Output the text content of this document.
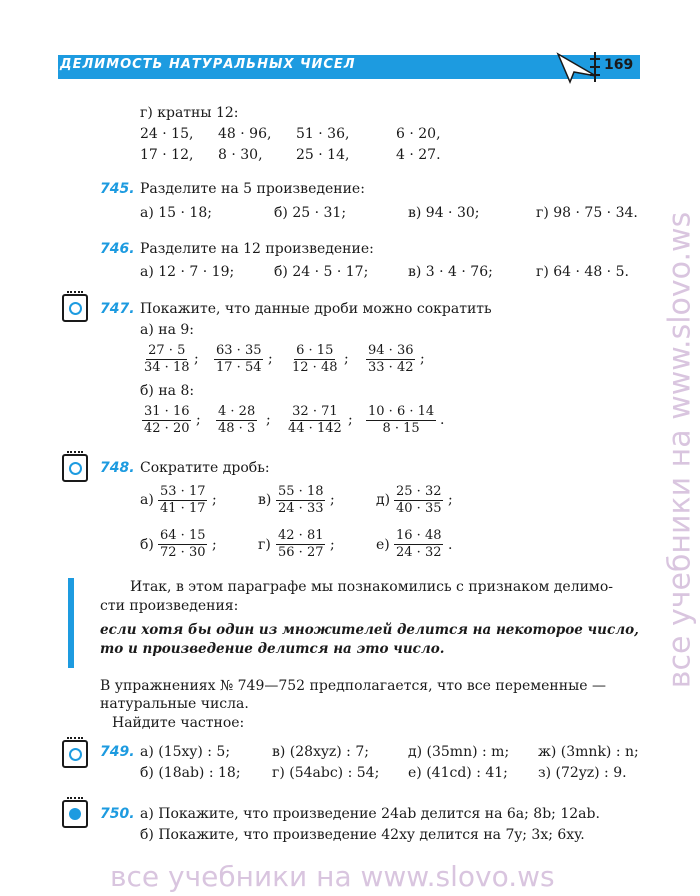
ДЕЛИМОСТЬ НАТУРАЛЬНЫХ ЧИСЕЛ	169
г) кратны 12:
24 · 15, 48 · 96, 51 · 36,	6 · 20,
17 · 12, 8 · 30, 25 · 14,	4 · 27.
745. Разделите на 5 произведение:
а) 15 · 18;	б) 25 · 31;	в) 94 · 30;	г) 98 · 75 · 34.
746. Разделите на 12 произведение:
а) 12 · 7 · 19;	б) 24 · 5 · 17;	в) 3 · 4 · 76;	г) 64 · 48 · 5.
747. Покажите, что данные дроби можно сократить
а) на 9:
$\frac{27 \cdot 5}{34 \cdot 18}$ ; $\frac{63 \cdot 35}{17 \cdot 54}$ ; $\frac{6 \cdot 15}{12 \cdot 48}$ ; $\frac{94 \cdot 36}{33 \cdot 42}$ ;
б) на 8:
$\frac{31 \cdot 16}{42 \cdot 20}$ ; $\frac{4 \cdot 28}{48 \cdot 3}$ ; $\frac{32 \cdot 71}{44 \cdot 142}$ ; $\frac{10 \cdot 6 \cdot 14}{8 \cdot 15}$ .
748. Сократите дробь:
$а) \frac{53 \cdot 17}{41 \cdot 17}$ ;	$в) \frac{55 \cdot 18}{24 \cdot 33}$ ;	$д) \frac{25 \cdot 32}{40 \cdot 35}$ ;
$б) \frac{64 \cdot 15}{72 \cdot 30}$ ;	$г) \frac{42 \cdot 81}{56 \cdot 27}$ ;	$е) \frac{16 \cdot 48}{24 \cdot 32}$ .
Итак, в этом параграфе мы познакомились с признаком делимо-
сти произведения:
если хотя бы один из множителей делится на некоторое число,
то и произведение делится на это число.
В упражнениях № 749—752 предполагается, что все переменные —
натуральные числа.
Найдите частное:
749. а) (15xy) : 5;	в) (28xyz) : 7;	д) (35mn) : m; ж) (3mnk) : n;
б) (18ab) : 18; г) (54abc) : 54; е) (41cd) : 41; з) (72yz) : 9.
750. а) Покажите, что произведение 24ab делится на 6a; 8b; 12ab.
б) Покажите, что произведение 42xy делится на 7y; 3x; 6xy.
все учебники на www.slovo.ws
все учебники на www.slovo.ws
